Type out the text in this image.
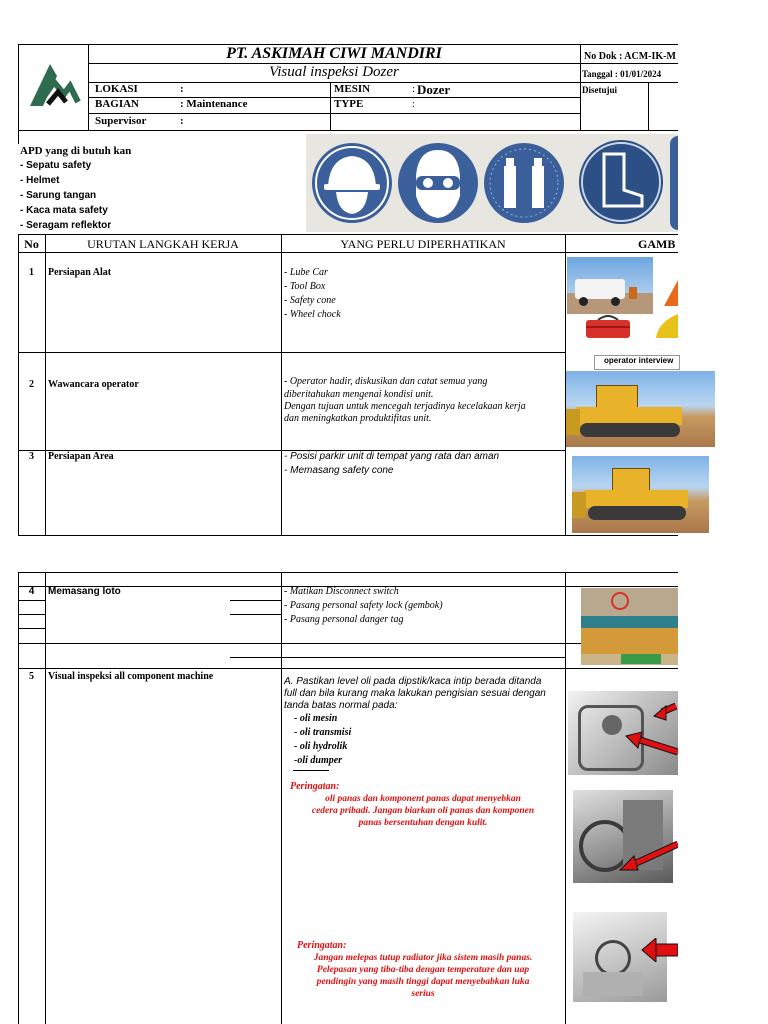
PT. ASKIMAH CIWI MANDIRI
Visual inspeksi Dozer
No Dok : ACM-IK-M
Tanggal : 01/01/2024
Disetujui
LOKASI	:
BAGIAN	: Maintenance
Supervisor	:
MESIN	: Dozer
TYPE	:
APD yang di butuh kan
- Sepatu safety
- Helmet
- Sarung tangan
- Kaca mata safety
- Seragam reflektor
No	URUTAN LANGKAH KERJA	YANG PERLU DIPERHATIKAN	GAMB
1	Persiapan Alat	- Lube Car
- Tool Box
- Safety cone
- Wheel chock
2	Wawancara operator	- Operator hadir, diskusikan dan catat semua yang
diberitahukan mengenai kondisi unit.
Dengan tujuan untuk mencegah terjadinya kecelakaan kerja
dan meningkatkan produktifitas unit.
operator interview
3	Persiapan Area	- Posisi parkir unit di tempat yang rata dan aman
- Memasang safety cone
4	Memasang loto	- Matikan Disconnect switch
- Pasang personal safety lock (gembok)
- Pasang personal danger tag
5	Visual inspeksi all component machine	A. Pastikan level oli pada dipstik/kaca intip berada ditanda
full dan bila kurang maka lakukan pengisian sesuai dengan
tanda batas normal pada:
- oli mesin
- oli transmisi
- oli hydrolik
-oli dumper
Peringatan:
oli panas dan komponent panas dapat menyebkan
cedera pribadi. Jangan biarkan oli panas dan komponen
panas bersentuhan dengan kulit.
Peringatan:
Jangan melepas tutup radiator jika sistem masih panas.
Pelepasan yang tiba-tiba dengan temperature dan uap
pendingin yang masih tinggi dapat menyebabkan luka
serius
